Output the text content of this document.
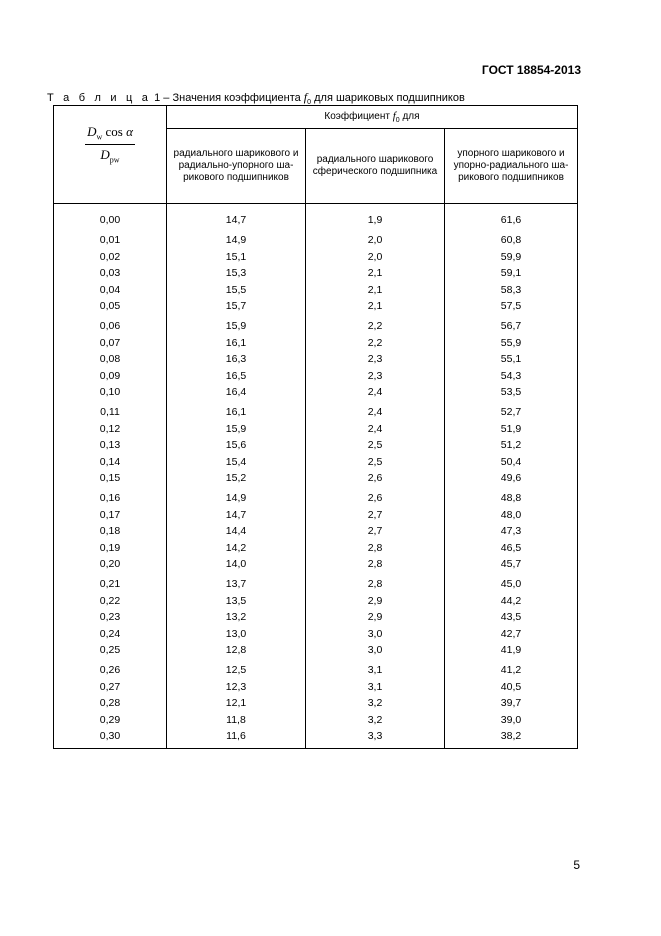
ГОСТ 18854-2013
Т а б л и ц а 1 – Значения коэффициента $f_0$ для шариковых подшипников
$\frac{D_w \cos \alpha}{D_{pw}}$	Коэффициент $f_0$ для		
	радиального шарикового и радиально-упорного ша-рикового подшипников	радиального шарикового сферического подшипника	упорного шарикового и упорно-радиального ша-рикового подшипников

0,00	14,7	1,9	61,6

0,01	14,9	2,0	60,8
0,02	15,1	2,0	59,9
0,03	15,3	2,1	59,1
0,04	15,5	2,1	58,3
0,05	15,7	2,1	57,5

0,06	15,9	2,2	56,7
0,07	16,1	2,2	55,9
0,08	16,3	2,3	55,1
0,09	16,5	2,3	54,3
0,10	16,4	2,4	53,5

0,11	16,1	2,4	52,7
0,12	15,9	2,4	51,9
0,13	15,6	2,5	51,2
0,14	15,4	2,5	50,4
0,15	15,2	2,6	49,6

0,16	14,9	2,6	48,8
0,17	14,7	2,7	48,0
0,18	14,4	2,7	47,3
0,19	14,2	2,8	46,5
0,20	14,0	2,8	45,7

0,21	13,7	2,8	45,0
0,22	13,5	2,9	44,2
0,23	13,2	2,9	43,5
0,24	13,0	3,0	42,7
0,25	12,8	3,0	41,9

0,26	12,5	3,1	41,2
0,27	12,3	3,1	40,5
0,28	12,1	3,2	39,7
0,29	11,8	3,2	39,0
0,30	11,6	3,3	38,2

5
